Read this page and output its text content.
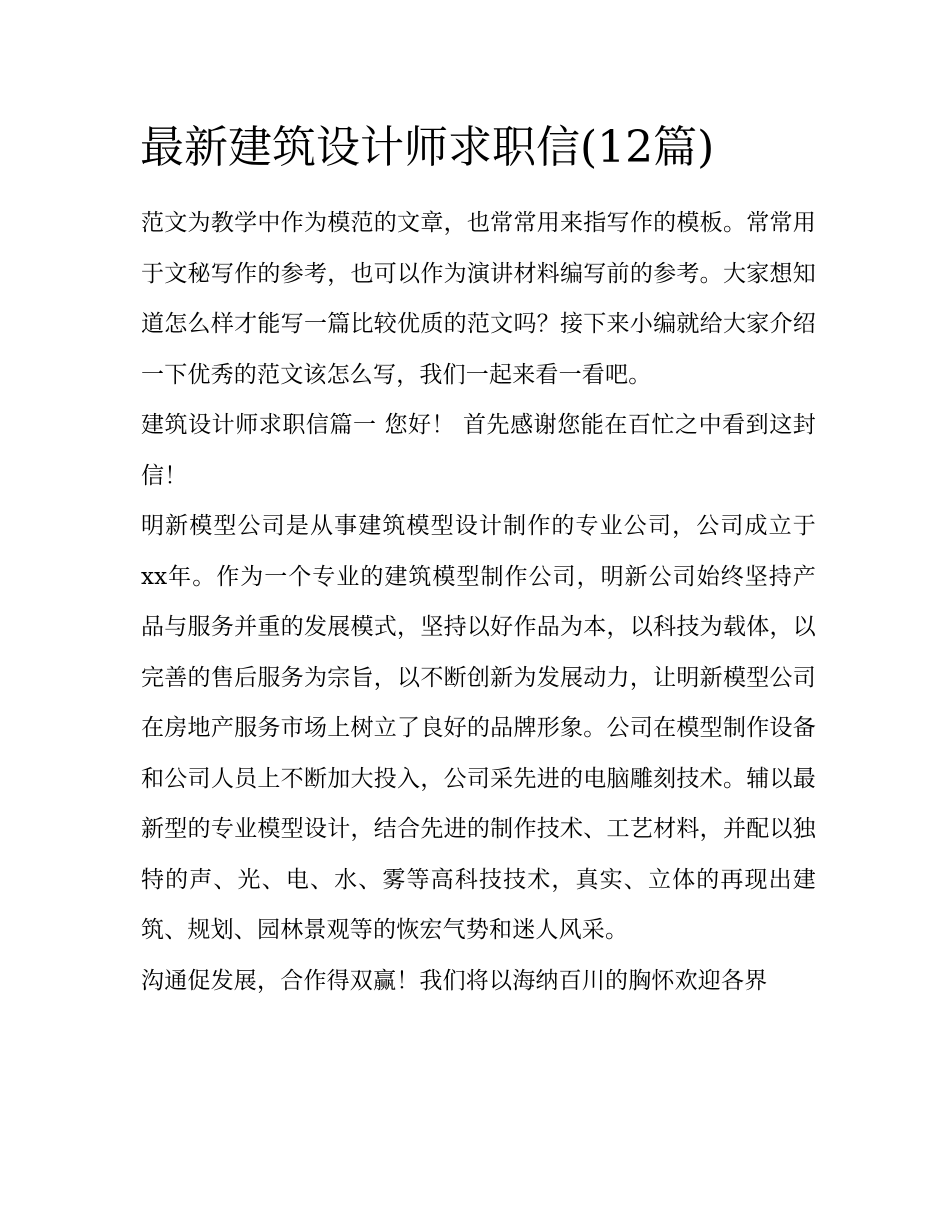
最新建筑设计师求职信(12篇)

范文为教学中作为模范的文章，也常常用来指写作的模板。常常用于文秘写作的参考，也可以作为演讲材料编写前的参考。大家想知道怎么样才能写一篇比较优质的范文吗？接下来小编就给大家介绍一下优秀的范文该怎么写，我们一起来看一看吧。

建筑设计师求职信篇一 您好！ 首先感谢您能在百忙之中看到这封信！

明新模型公司是从事建筑模型设计制作的专业公司，公司成立于xx年。作为一个专业的建筑模型制作公司，明新公司始终坚持产品与服务并重的发展模式，坚持以好作品为本，以科技为载体，以完善的售后服务为宗旨，以不断创新为发展动力，让明新模型公司在房地产服务市场上树立了良好的品牌形象。公司在模型制作设备和公司人员上不断加大投入，公司采先进的电脑雕刻技术。辅以最新型的专业模型设计，结合先进的制作技术、工艺材料，并配以独特的声、光、电、水、雾等高科技技术，真实、立体的再现出建筑、规划、园林景观等的恢宏气势和迷人风采。

沟通促发展，合作得双赢！我们将以海纳百川的胸怀欢迎各界
